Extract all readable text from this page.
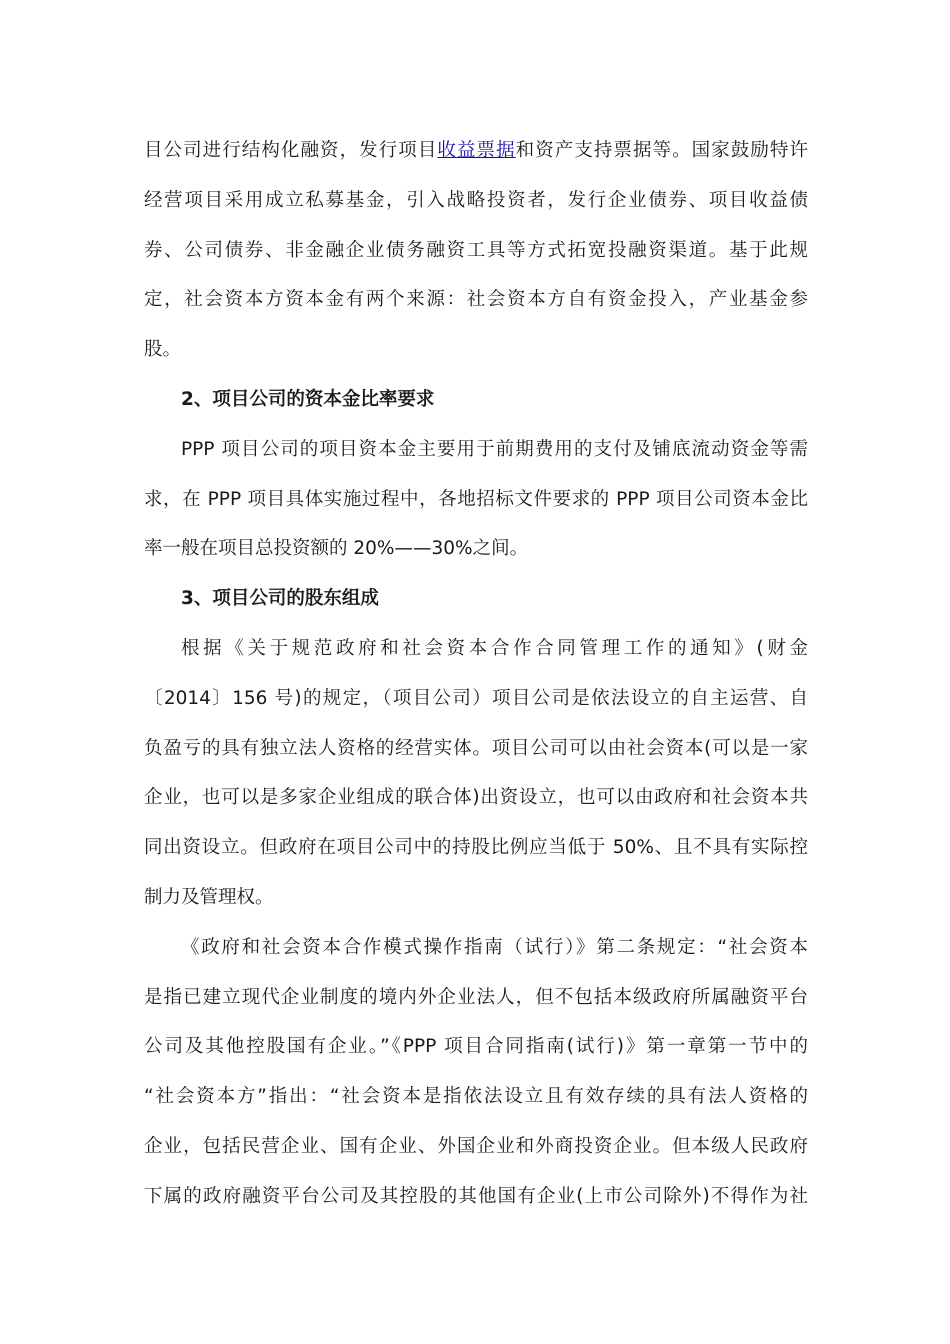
目公司进行结构化融资，发行项目收益票据和资产支持票据等。国家鼓励特许
经营项目采用成立私募基金，引入战略投资者，发行企业债券、项目收益债
券、公司债券、非金融企业债务融资工具等方式拓宽投融资渠道。基于此规
定，社会资本方资本金有两个来源：社会资本方自有资金投入，产业基金参
股。
2、项目公司的资本金比率要求
PPP 项目公司的项目资本金主要用于前期费用的支付及铺底流动资金等需
求，在 PPP 项目具体实施过程中，各地招标文件要求的 PPP 项目公司资本金比
率一般在项目总投资额的 20%——30%之间。
3、项目公司的股东组成
根据《关于规范政府和社会资本合作合同管理工作的通知》(财金
〔2014〕156 号)的规定，（项目公司）项目公司是依法设立的自主运营、自
负盈亏的具有独立法人资格的经营实体。项目公司可以由社会资本(可以是一家
企业，也可以是多家企业组成的联合体)出资设立，也可以由政府和社会资本共
同出资设立。但政府在项目公司中的持股比例应当低于 50%、且不具有实际控
制力及管理权。
《政府和社会资本合作模式操作指南（试行）》第二条规定：“社会资本
是指已建立现代企业制度的境内外企业法人，但不包括本级政府所属融资平台
公司及其他控股国有企业。”《PPP 项目合同指南(试行)》第一章第一节中的
“社会资本方”指出：“社会资本是指依法设立且有效存续的具有法人资格的
企业，包括民营企业、国有企业、外国企业和外商投资企业。但本级人民政府
下属的政府融资平台公司及其控股的其他国有企业(上市公司除外)不得作为社
